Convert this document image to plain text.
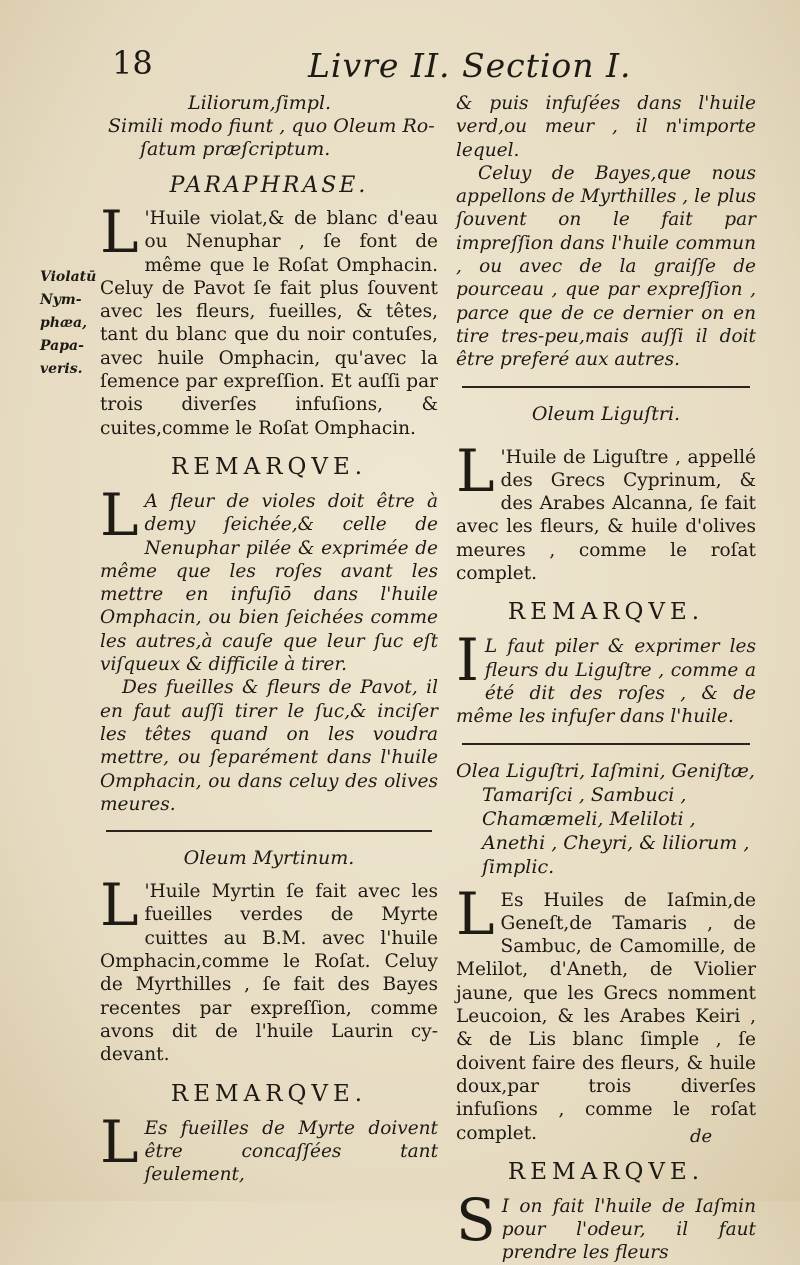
18	Livre II. Section I.
Violatū
Nym-
phæa,
Papa-
veris.

Liliorum,ſimpl.

Simili modo fiunt , quo Oleum Ro-

ſatum præſcriptum.

PARAPHRASE.

L 'Huile violat,& de blanc d'eau ou Nenuphar , ſe font de même que le Roſat Omphacin. Celuy de Pavot ſe fait plus ſouvent avec les fleurs, fueilles, & têtes, tant du blanc que du noir contuſes, avec huile Omphacin, qu'avec la ſemence par expreſſion. Et auſſi par trois diverſes infuſions, & cuites,comme le Roſat Omphacin.

REMARQVE.

L A fleur de violes doit être à demy ſeichée,& celle de Nenuphar pilée & exprimée de même que les roſes avant les mettre en infuſiō dans l'huile Omphacin, ou bien ſeichées comme les autres,à cauſe que leur ſuc eſt viſqueux & difficile à tirer.

Des fueilles & fleurs de Pavot, il en faut auſſi tirer le ſuc,& inciſer les têtes quand on les voudra mettre, ou ſeparément dans l'huile Omphacin, ou dans celuy des olives meures.

Oleum Myrtinum.

L 'Huile Myrtin ſe fait avec les fueilles verdes de Myrte cuittes au B.M. avec l'huile Omphacin,comme le Roſat. Celuy de Myrthilles , ſe fait des Bayes recentes par expreſſion, comme avons dit de l'huile Laurin cy-devant.

REMARQVE.

L Es fueilles de Myrte doivent être concaſſées tant ſeulement,

& puis infuſées dans l'huile verd,ou meur , il n'importe lequel.

Celuy de Bayes,que nous appellons de Myrthilles , le plus ſouvent on le fait par impreſſion dans l'huile commun , ou avec de la graiſſe de pourceau , que par expreſſion , parce que de ce dernier on en tire tres-peu,mais auſſi il doit être preferé aux autres.

Oleum Liguſtri.

L 'Huile de Liguſtre , appellé des Grecs Cyprinum, & des Arabes Alcanna, ſe fait avec les fleurs, & huile d'olives meures , comme le roſat complet.

REMARQVE.

I L faut piler & exprimer les fleurs du Liguſtre , comme a été dit des roſes , & de même les infuſer dans l'huile.

Olea Liguſtri, Iaſmini, Geniſtæ, Tamariſci , Sambuci , Chamæmeli, Meliloti , Anethi , Cheyri, & liliorum , ſimplic.

L Es Huiles de Iaſmin,de Geneſt,de Tamaris , de Sambuc, de Camomille, de Melilot, d'Aneth, de Violier jaune, que les Grecs nomment Leucoion, & les Arabes Keiri , & de Lis blanc ſimple , ſe doivent faire des fleurs, & huile doux,par trois diverſes infuſions , comme le roſat complet.

REMARQVE.

S I on fait l'huile de Iaſmin pour l'odeur, il faut prendre les fleurs

de
